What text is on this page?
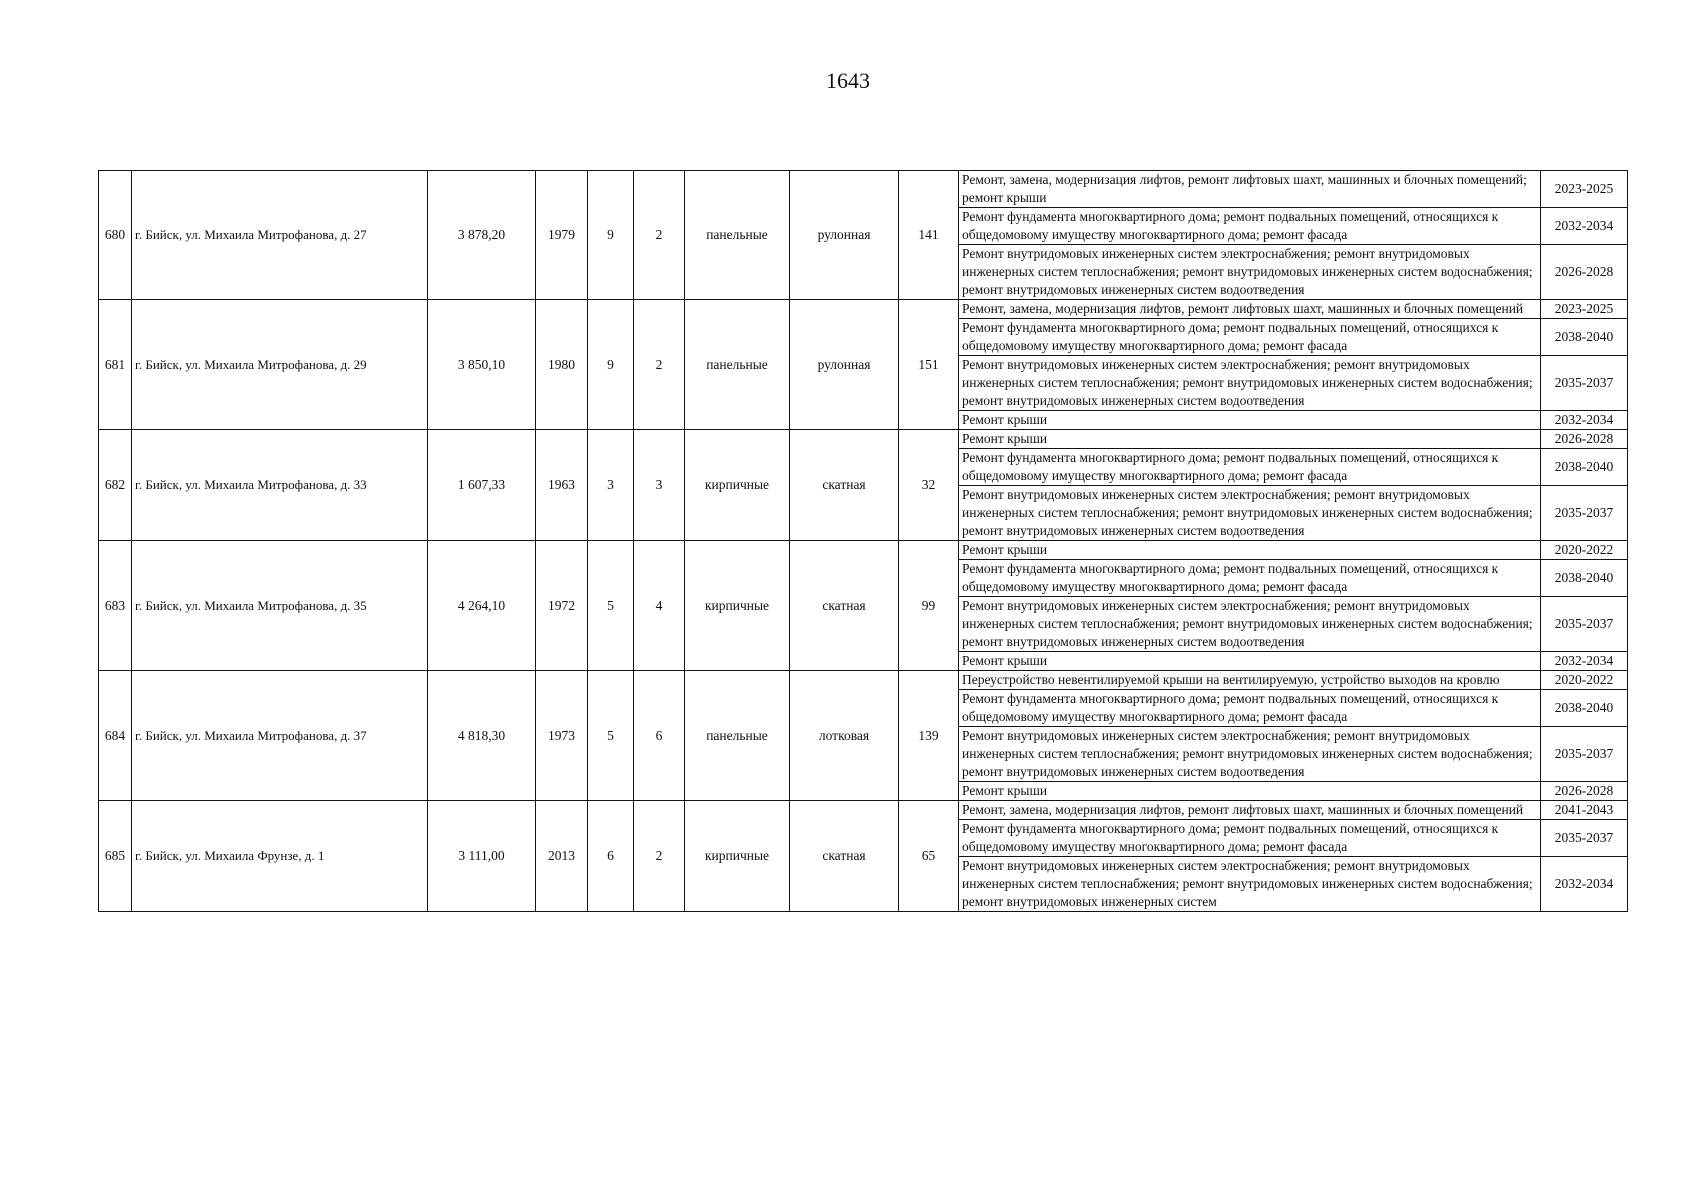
1643
680	г. Бийск, ул. Михаила Митрофанова, д. 27	3 878,20	1979	9	2	панельные	рулонная	141	Ремонт, замена, модернизация лифтов, ремонт лифтовых шахт, машинных и блочных помещений; ремонт крыши	2023-2025
									Ремонт фундамента многоквартирного дома; ремонт подвальных помещений, относящихся к общедомовому имуществу многоквартирного дома; ремонт фасада	2032-2034
									Ремонт внутридомовых инженерных систем электроснабжения; ремонт внутридомовых инженерных систем теплоснабжения; ремонт внутридомовых инженерных систем водоснабжения; ремонт внутридомовых инженерных систем водоотведения	2026-2028
681	г. Бийск, ул. Михаила Митрофанова, д. 29	3 850,10	1980	9	2	панельные	рулонная	151	Ремонт, замена, модернизация лифтов, ремонт лифтовых шахт, машинных и блочных помещений	2023-2025
									Ремонт фундамента многоквартирного дома; ремонт подвальных помещений, относящихся к общедомовому имуществу многоквартирного дома; ремонт фасада	2038-2040
									Ремонт внутридомовых инженерных систем электроснабжения; ремонт внутридомовых инженерных систем теплоснабжения; ремонт внутридомовых инженерных систем водоснабжения; ремонт внутридомовых инженерных систем водоотведения	2035-2037
									Ремонт крыши	2032-2034
682	г. Бийск, ул. Михаила Митрофанова, д. 33	1 607,33	1963	3	3	кирпичные	скатная	32	Ремонт крыши	2026-2028
									Ремонт фундамента многоквартирного дома; ремонт подвальных помещений, относящихся к общедомовому имуществу многоквартирного дома; ремонт фасада	2038-2040
									Ремонт внутридомовых инженерных систем электроснабжения; ремонт внутридомовых инженерных систем теплоснабжения; ремонт внутридомовых инженерных систем водоснабжения; ремонт внутридомовых инженерных систем водоотведения	2035-2037
683	г. Бийск, ул. Михаила Митрофанова, д. 35	4 264,10	1972	5	4	кирпичные	скатная	99	Ремонт крыши	2020-2022
									Ремонт фундамента многоквартирного дома; ремонт подвальных помещений, относящихся к общедомовому имуществу многоквартирного дома; ремонт фасада	2038-2040
									Ремонт внутридомовых инженерных систем электроснабжения; ремонт внутридомовых инженерных систем теплоснабжения; ремонт внутридомовых инженерных систем водоснабжения; ремонт внутридомовых инженерных систем водоотведения	2035-2037
									Ремонт крыши	2032-2034
684	г. Бийск, ул. Михаила Митрофанова, д. 37	4 818,30	1973	5	6	панельные	лотковая	139	Переустройство невентилируемой крыши на вентилируемую, устройство выходов на кровлю	2020-2022
									Ремонт фундамента многоквартирного дома; ремонт подвальных помещений, относящихся к общедомовому имуществу многоквартирного дома; ремонт фасада	2038-2040
									Ремонт внутридомовых инженерных систем электроснабжения; ремонт внутридомовых инженерных систем теплоснабжения; ремонт внутридомовых инженерных систем водоснабжения; ремонт внутридомовых инженерных систем водоотведения	2035-2037
									Ремонт крыши	2026-2028
685	г. Бийск, ул. Михаила Фрунзе, д. 1	3 111,00	2013	6	2	кирпичные	скатная	65	Ремонт, замена, модернизация лифтов, ремонт лифтовых шахт, машинных и блочных помещений	2041-2043
									Ремонт фундамента многоквартирного дома; ремонт подвальных помещений, относящихся к общедомовому имуществу многоквартирного дома; ремонт фасада	2035-2037
									Ремонт внутридомовых инженерных систем электроснабжения; ремонт внутридомовых инженерных систем теплоснабжения; ремонт внутридомовых инженерных систем водоснабжения; ремонт внутридомовых инженерных систем	2032-2034
